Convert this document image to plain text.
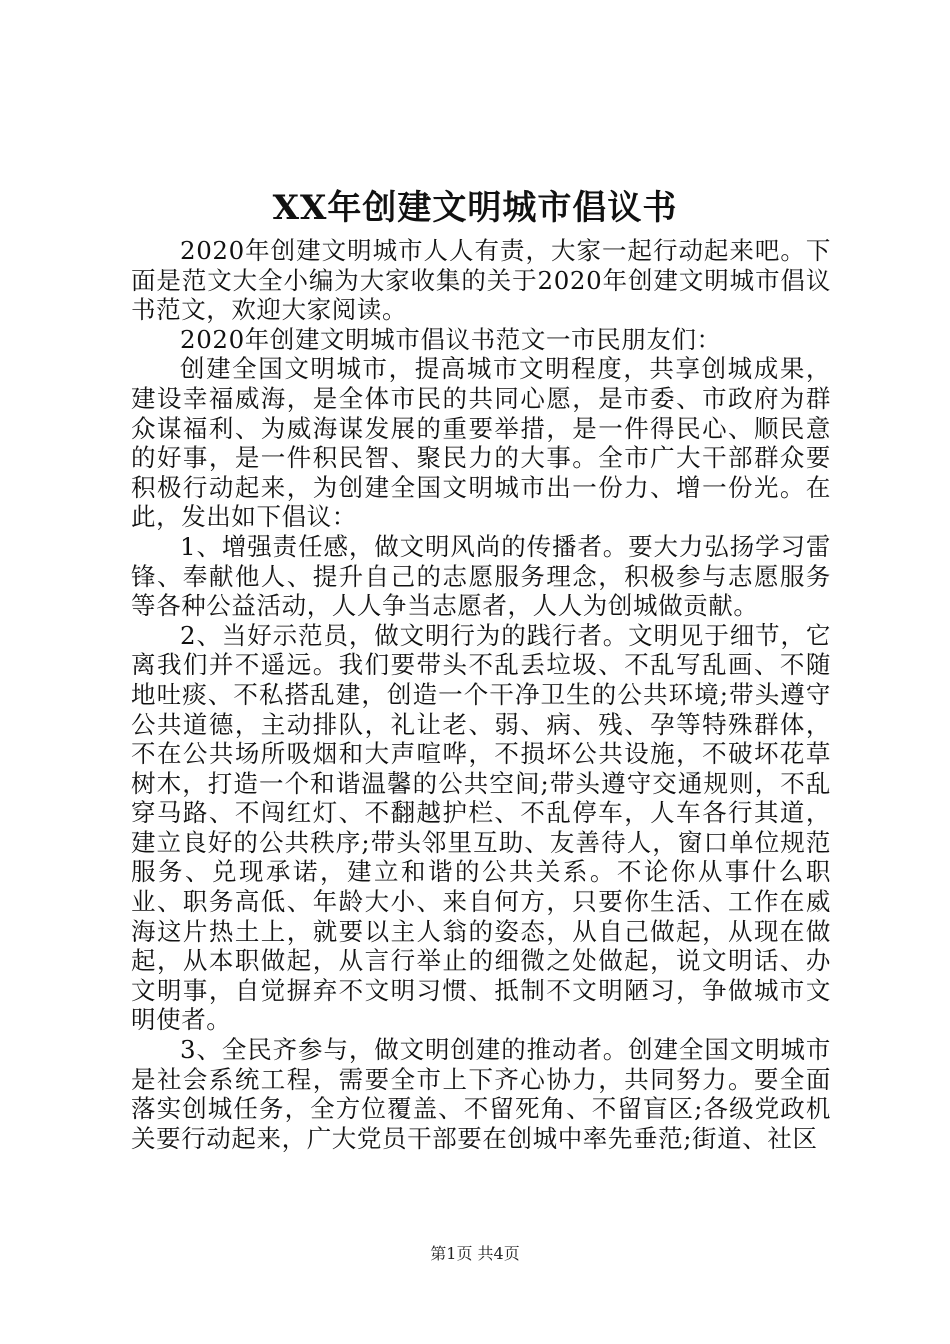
XX年创建文明城市倡议书

2020年创建文明城市人人有责，大家一起行动起来吧。下面是范文大全小编为大家收集的关于2020年创建文明城市倡议书范文，欢迎大家阅读。

2020年创建文明城市倡议书范文一市民朋友们：

创建全国文明城市，提高城市文明程度，共享创城成果，建设幸福威海，是全体市民的共同心愿，是市委、市政府为群众谋福利、为威海谋发展的重要举措，是一件得民心、顺民意的好事，是一件积民智、聚民力的大事。全市广大干部群众要积极行动起来，为创建全国文明城市出一份力、增一份光。在此，发出如下倡议：

1、增强责任感，做文明风尚的传播者。要大力弘扬学习雷锋、奉献他人、提升自己的志愿服务理念，积极参与志愿服务等各种公益活动，人人争当志愿者，人人为创城做贡献。

2、当好示范员，做文明行为的践行者。文明见于细节，它离我们并不遥远。我们要带头不乱丢垃圾、不乱写乱画、不随地吐痰、不私搭乱建，创造一个干净卫生的公共环境;带头遵守公共道德，主动排队，礼让老、弱、病、残、孕等特殊群体，不在公共场所吸烟和大声喧哗，不损坏公共设施，不破坏花草树木，打造一个和谐温馨的公共空间;带头遵守交通规则，不乱穿马路、不闯红灯、不翻越护栏、不乱停车，人车各行其道，建立良好的公共秩序;带头邻里互助、友善待人，窗口单位规范服务、兑现承诺，建立和谐的公共关系。不论你从事什么职业、职务高低、年龄大小、来自何方，只要你生活、工作在威海这片热土上，就要以主人翁的姿态，从自己做起，从现在做起，从本职做起，从言行举止的细微之处做起，说文明话、办文明事，自觉摒弃不文明习惯、抵制不文明陋习，争做城市文明使者。

3、全民齐参与，做文明创建的推动者。创建全国文明城市是社会系统工程，需要全市上下齐心协力，共同努力。要全面落实创城任务，全方位覆盖、不留死角、不留盲区;各级党政机关要行动起来，广大党员干部要在创城中率先垂范;街道、社区

第1页 共4页
